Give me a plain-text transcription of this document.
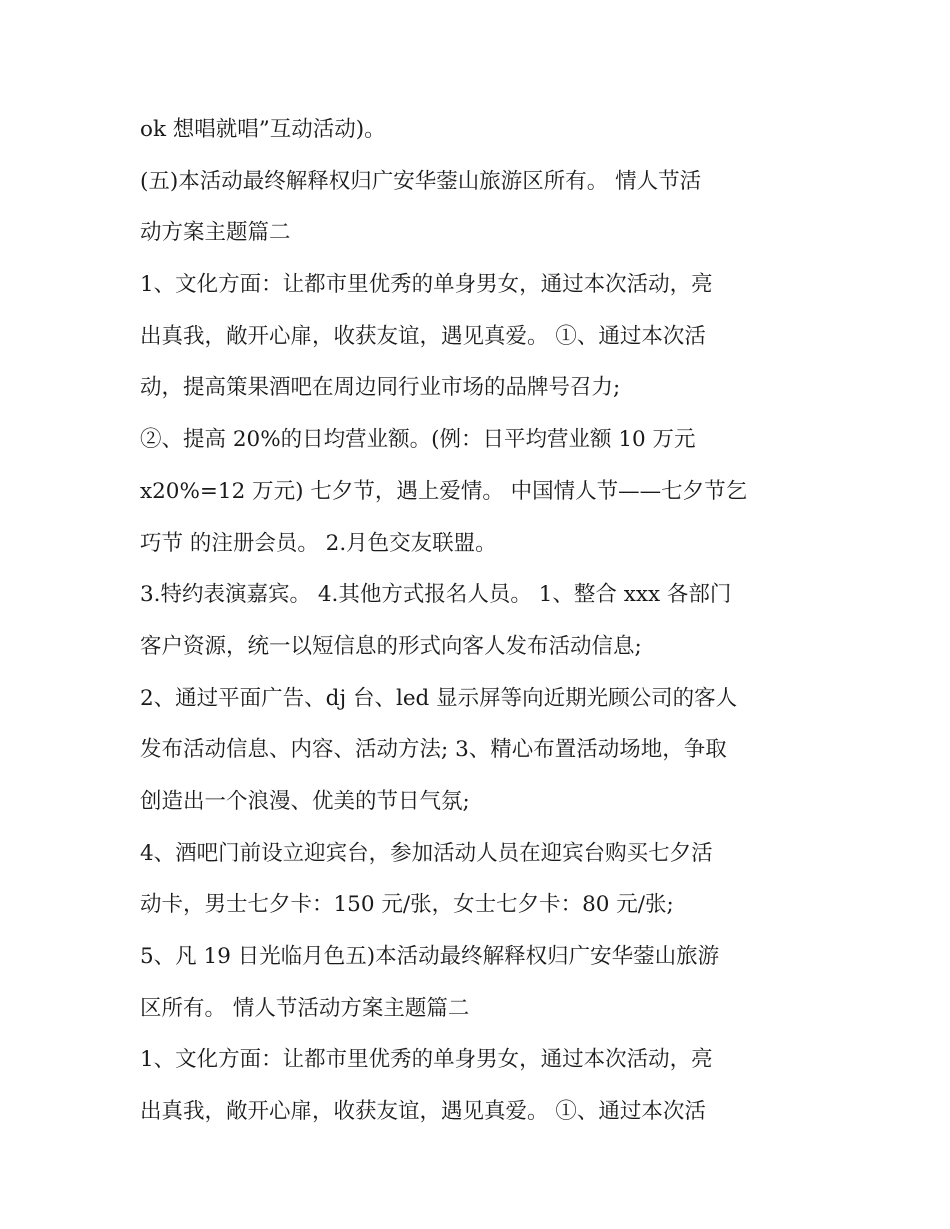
ok 想唱就唱”互动活动)。
(五)本活动最终解释权归广安华蓥山旅游区所有。 情人节活
动方案主题篇二
1、文化方面：让都市里优秀的单身男女，通过本次活动，亮
出真我，敞开心扉，收获友谊，遇见真爱。 ①、通过本次活
动，提高策果酒吧在周边同行业市场的品牌号召力;
②、提高 20%的日均营业额。(例：日平均营业额 10 万元
x20%=12 万元) 七夕节，遇上爱情。 中国情人节——七夕节乞
巧节 的注册会员。 2.月色交友联盟。
3.特约表演嘉宾。 4.其他方式报名人员。 1、整合 xxx 各部门
客户资源，统一以短信息的形式向客人发布活动信息;
2、通过平面广告、dj 台、led 显示屏等向近期光顾公司的客人
发布活动信息、内容、活动方法; 3、精心布置活动场地，争取
创造出一个浪漫、优美的节日气氛;
4、酒吧门前设立迎宾台，参加活动人员在迎宾台购买七夕活
动卡，男士七夕卡：150 元/张，女士七夕卡：80 元/张;
5、凡 19 日光临月色五)本活动最终解释权归广安华蓥山旅游
区所有。 情人节活动方案主题篇二
1、文化方面：让都市里优秀的单身男女，通过本次活动，亮
出真我，敞开心扉，收获友谊，遇见真爱。 ①、通过本次活
